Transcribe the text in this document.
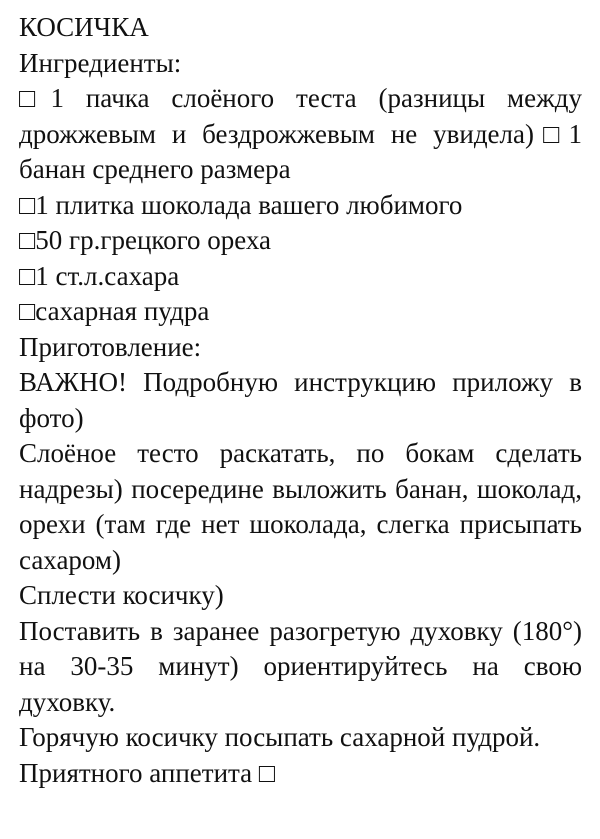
КОСИЧКА
Ингредиенты:
□1 пачка слоёного теста (разницы между дрожжевым и бездрожжевым не увидела)□1 банан среднего размера
□1 плитка шоколада вашего любимого
□50 гр.грецкого ореха
□1 ст.л.сахара
□сахарная пудра
Приготовление:
ВАЖНО! Подробную инструкцию приложу в фото)
Слоёное тесто раскатать, по бокам сделать надрезы) посередине выложить банан, шоколад, орехи (там где нет шоколада, слегка присыпать сахаром)
Сплести косичку)
Поставить в заранее разогретую духовку (180°) на 30-35 минут) ориентируйтесь на свою духовку.
Горячую косичку посыпать сахарной пудрой.
Приятного аппетита □
